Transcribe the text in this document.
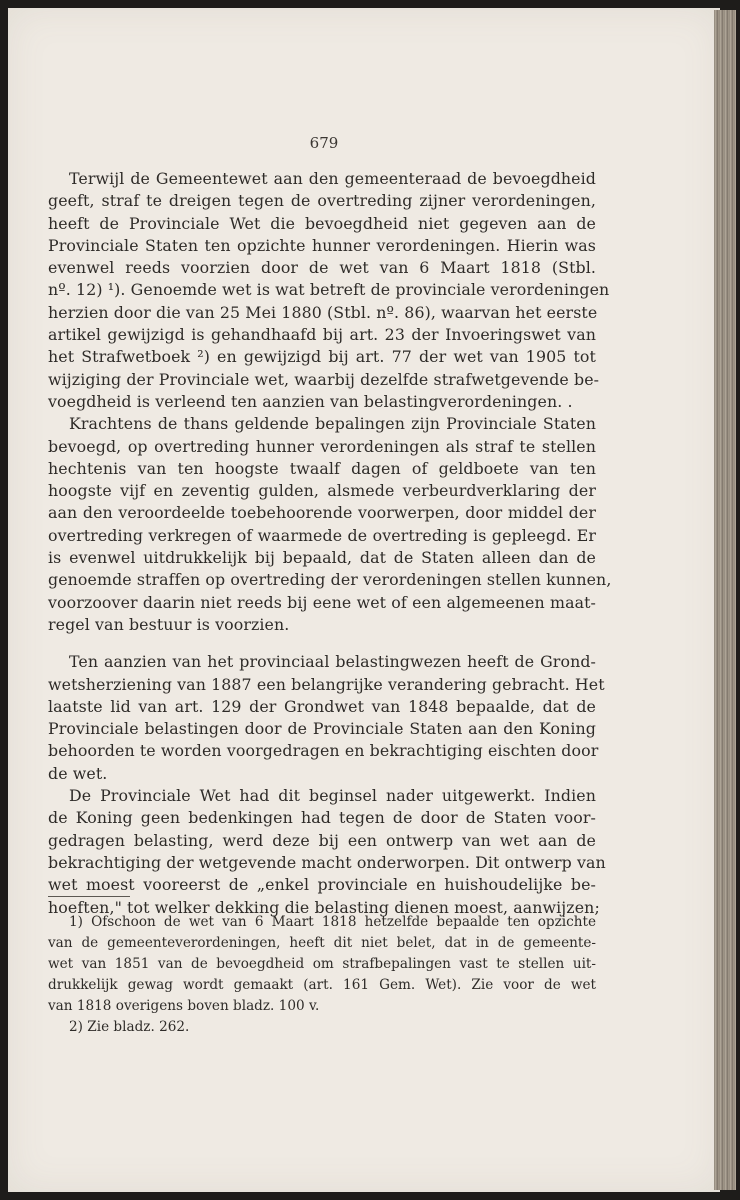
679
Terwijl de Gemeentewet aan den gemeenteraad de bevoegdheid
geeft, straf te dreigen tegen de overtreding zijner verordeningen,
heeft de Provinciale Wet die bevoegdheid niet gegeven aan de
Provinciale Staten ten opzichte hunner verordeningen. Hierin was
evenwel reeds voorzien door de wet van 6 Maart 1818 (Stbl.
nº. 12) ¹). Genoemde wet is wat betreft de provinciale verordeningen
herzien door die van 25 Mei 1880 (Stbl. nº. 86), waarvan het eerste
artikel gewijzigd is gehandhaafd bij art. 23 der Invoeringswet van
het Strafwetboek ²) en gewijzigd bij art. 77 der wet van 1905 tot
wijziging der Provinciale wet, waarbij dezelfde strafwetgevende be-
voegdheid is verleend ten aanzien van belastingverordeningen. .
Krachtens de thans geldende bepalingen zijn Provinciale Staten
bevoegd, op overtreding hunner verordeningen als straf te stellen
hechtenis van ten hoogste twaalf dagen of geldboete van ten
hoogste vijf en zeventig gulden, alsmede verbeurdverklaring der
aan den veroordeelde toebehoorende voorwerpen, door middel der
overtreding verkregen of waarmede de overtreding is gepleegd. Er
is evenwel uitdrukkelijk bij bepaald, dat de Staten alleen dan de
genoemde straffen op overtreding der verordeningen stellen kunnen,
voorzoover daarin niet reeds bij eene wet of een algemeenen maat-
regel van bestuur is voorzien.
Ten aanzien van het provinciaal belastingwezen heeft de Grond-
wetsherziening van 1887 een belangrijke verandering gebracht. Het
laatste lid van art. 129 der Grondwet van 1848 bepaalde, dat de
Provinciale belastingen door de Provinciale Staten aan den Koning
behoorden te worden voorgedragen en bekrachtiging eischten door
de wet.
De Provinciale Wet had dit beginsel nader uitgewerkt. Indien
de Koning geen bedenkingen had tegen de door de Staten voor-
gedragen belasting, werd deze bij een ontwerp van wet aan de
bekrachtiging der wetgevende macht onderworpen. Dit ontwerp van
wet moest vooreerst de „enkel provinciale en huishoudelijke be-
hoeften," tot welker dekking die belasting dienen moest, aanwijzen;
1) Ofschoon de wet van 6 Maart 1818 hetzelfde bepaalde ten opzichte
van de gemeenteverordeningen, heeft dit niet belet, dat in de gemeente-
wet van 1851 van de bevoegdheid om strafbepalingen vast te stellen uit-
drukkelijk gewag wordt gemaakt (art. 161 Gem. Wet). Zie voor de wet
van 1818 overigens boven bladz. 100 v.
2) Zie bladz. 262.
